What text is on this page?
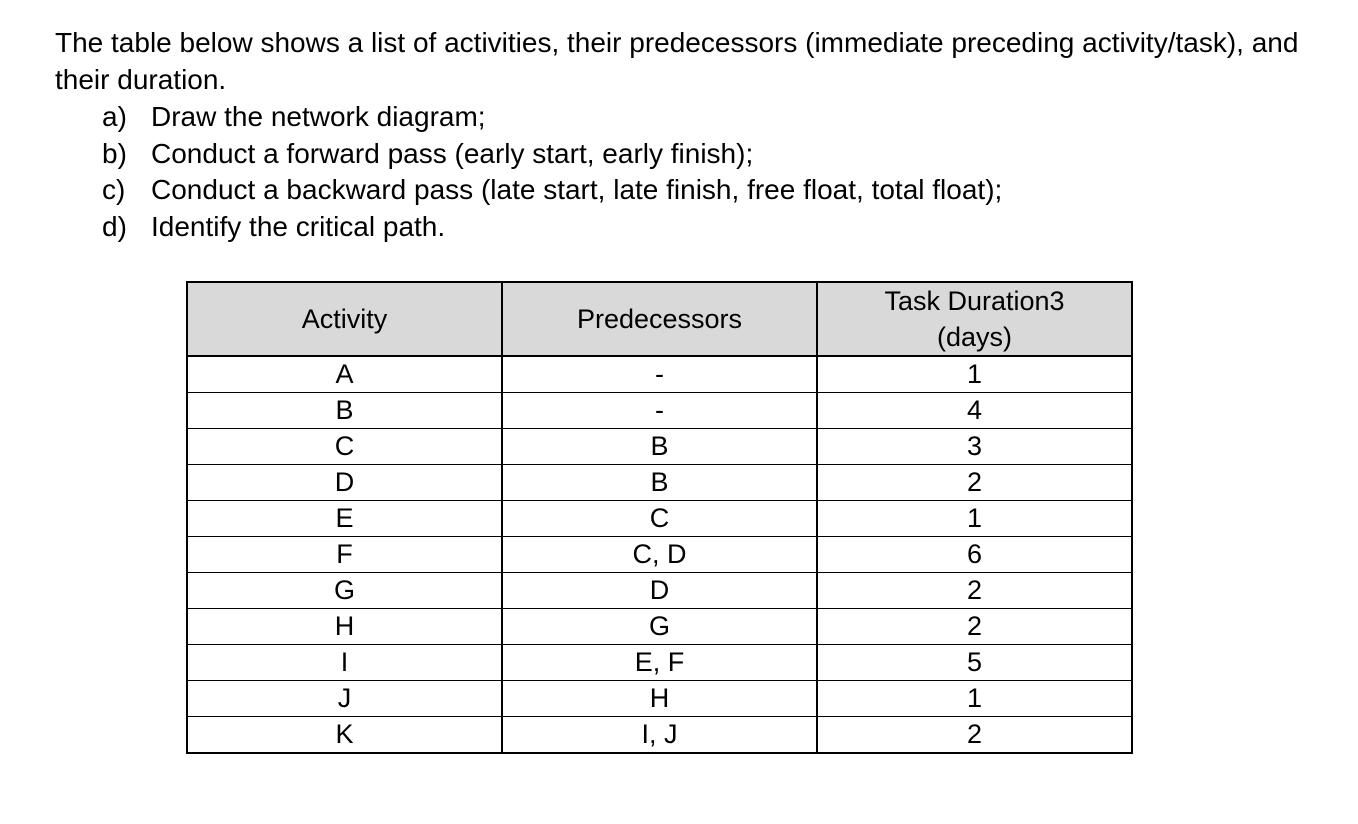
The table below shows a list of activities, their predecessors (immediate preceding activity/task), and their duration.

a) Draw the network diagram;
b) Conduct a forward pass (early start, early finish);
c) Conduct a backward pass (late start, late finish, free float, total float);
d) Identify the critical path.
Activity	Predecessors	Task Duration3
(days)
A	-	1
B	-	4
C	B	3
D	B	2
E	C	1
F	C, D	6
G	D	2
H	G	2
I	E, F	5
J	H	1
K	I, J	2
